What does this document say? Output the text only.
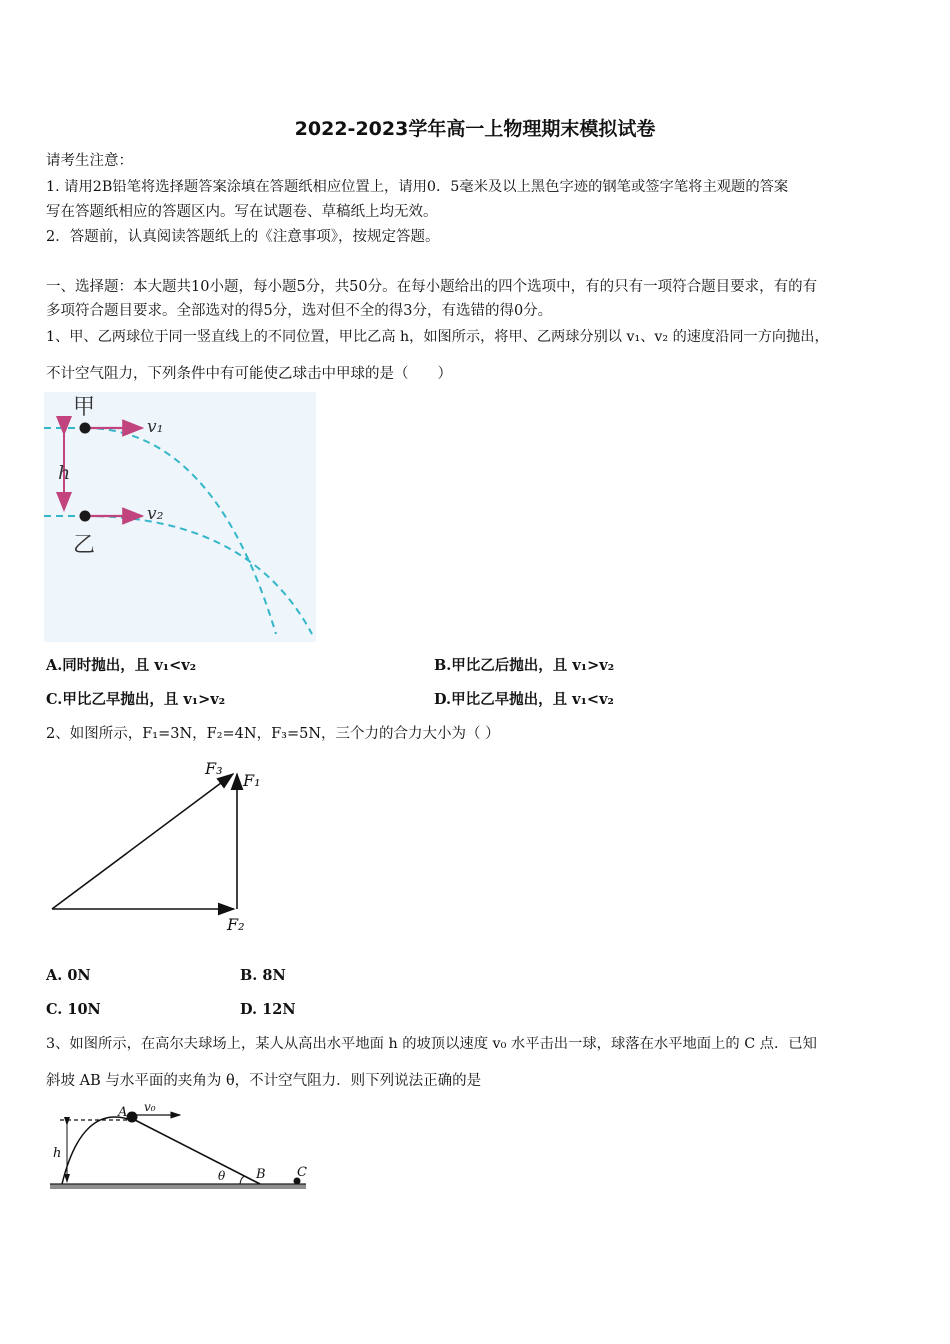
2022-2023学年高一上物理期末模拟试卷
请考生注意：
1. 请用2B铅笔将选择题答案涂填在答题纸相应位置上，请用0．5毫米及以上黑色字迹的钢笔或签字笔将主观题的答案
写在答题纸相应的答题区内。写在试题卷、草稿纸上均无效。
2．答题前，认真阅读答题纸上的《注意事项》，按规定答题。
一、选择题：本大题共10小题，每小题5分，共50分。在每小题给出的四个选项中，有的只有一项符合题目要求，有的有
多项符合题目要求。全部选对的得5分，选对但不全的得3分，有选错的得0分。
1、甲、乙两球位于同一竖直线上的不同位置，甲比乙高 h，如图所示，将甲、乙两球分别以 v₁、v₂ 的速度沿同一方向抛出，
不计空气阻力，下列条件中有可能使乙球击中甲球的是（　　）
甲
乙
h
v₁
v₂
A.同时抛出，且 v₁<v₂	B.甲比乙后抛出，且 v₁>v₂
C.甲比乙早抛出，且 v₁>v₂	D.甲比乙早抛出，且 v₁<v₂
2、如图所示，F₁=3N，F₂=4N，F₃=5N，三个力的合力大小为（ ）
F₃
F₁
F₂
A. 0N	B. 8N
C. 10N	D. 12N
3、如图所示，在高尔夫球场上，某人从高出水平地面 h 的坡顶以速度 v₀ 水平击出一球，球落在水平地面上的 C 点．已知
斜坡 AB 与水平面的夹角为 θ，不计空气阻力．则下列说法正确的是
A v₀
h
θ B C
